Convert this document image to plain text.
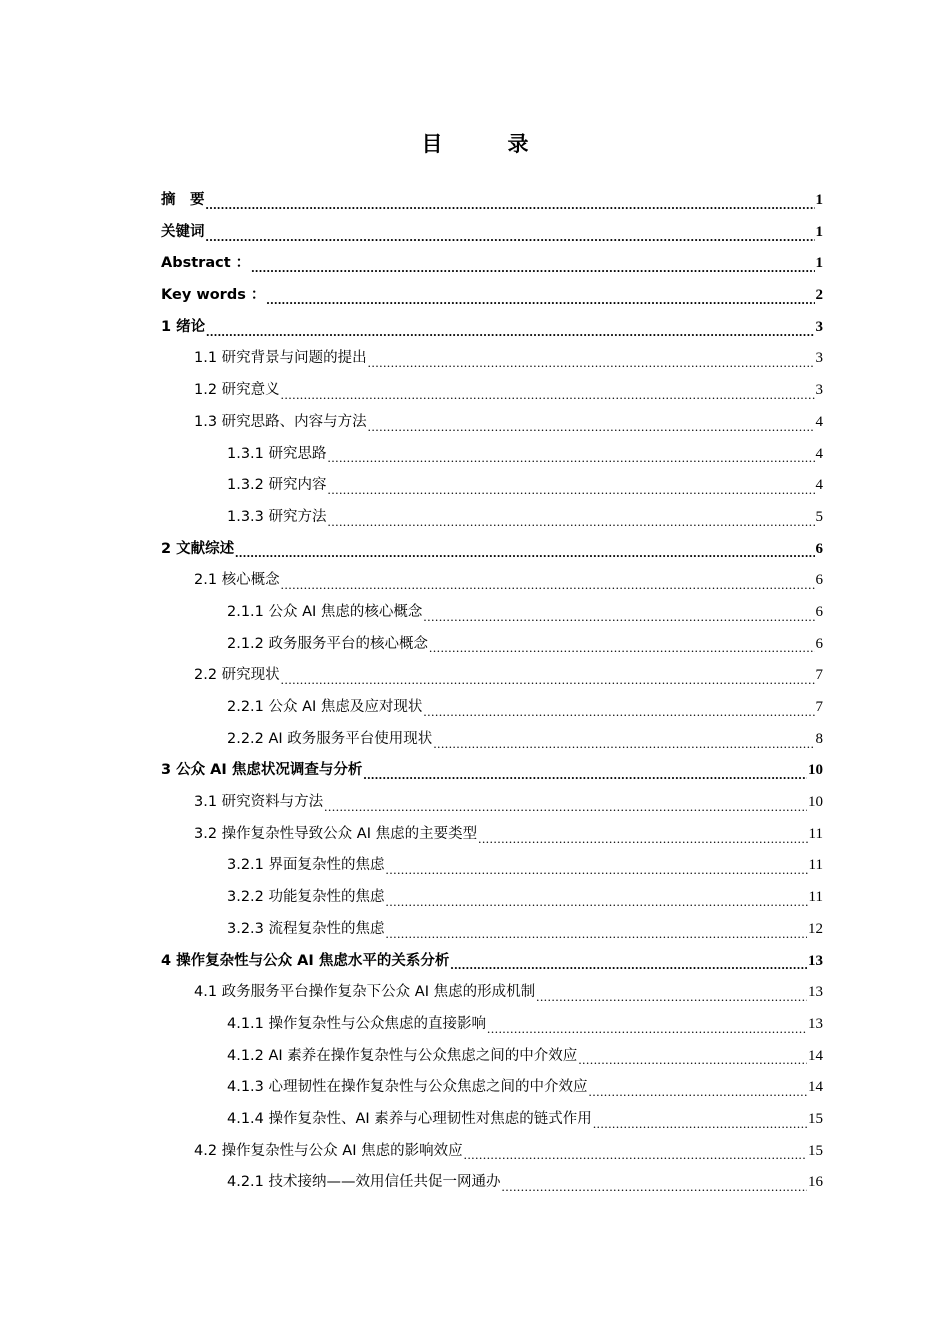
目　录
摘　要 .....	1
关键词 .....	1
Abstract ： .....	1
Key words ： .....	2
1 绪论 .....	3
1.1 研究背景与问题的提出 .....	3
1.2 研究意义 .....	3
1.3 研究思路、内容与方法 .....	4
1.3.1 研究思路 .....	4
1.3.2 研究内容 .....	4
1.3.3 研究方法 .....	5
2 文献综述 .....	6
2.1 核心概念 .....	6
2.1.1 公众 AI 焦虑的核心概念 .....	6
2.1.2 政务服务平台的核心概念 .....	6
2.2 研究现状 .....	7
2.2.1 公众 AI 焦虑及应对现状 .....	7
2.2.2 AI 政务服务平台使用现状 .....	8
3 公众 AI 焦虑状况调查与分析 .....	10
3.1 研究资料与方法 .....	10
3.2 操作复杂性导致公众 AI 焦虑的主要类型 .....	11
3.2.1 界面复杂性的焦虑 .....	11
3.2.2 功能复杂性的焦虑 .....	11
3.2.3 流程复杂性的焦虑 .....	12
4 操作复杂性与公众 AI 焦虑水平的关系分析 .....	13
4.1 政务服务平台操作复杂下公众 AI 焦虑的形成机制 .....	13
4.1.1 操作复杂性与公众焦虑的直接影响 .....	13
4.1.2 AI 素养在操作复杂性与公众焦虑之间的中介效应 .....	14
4.1.3 心理韧性在操作复杂性与公众焦虑之间的中介效应 .....	14
4.1.4 操作复杂性、AI 素养与心理韧性对焦虑的链式作用 .....	15
4.2 操作复杂性与公众 AI 焦虑的影响效应 .....	15
4.2.1 技术接纳——效用信任共促一网通办 .....	16
